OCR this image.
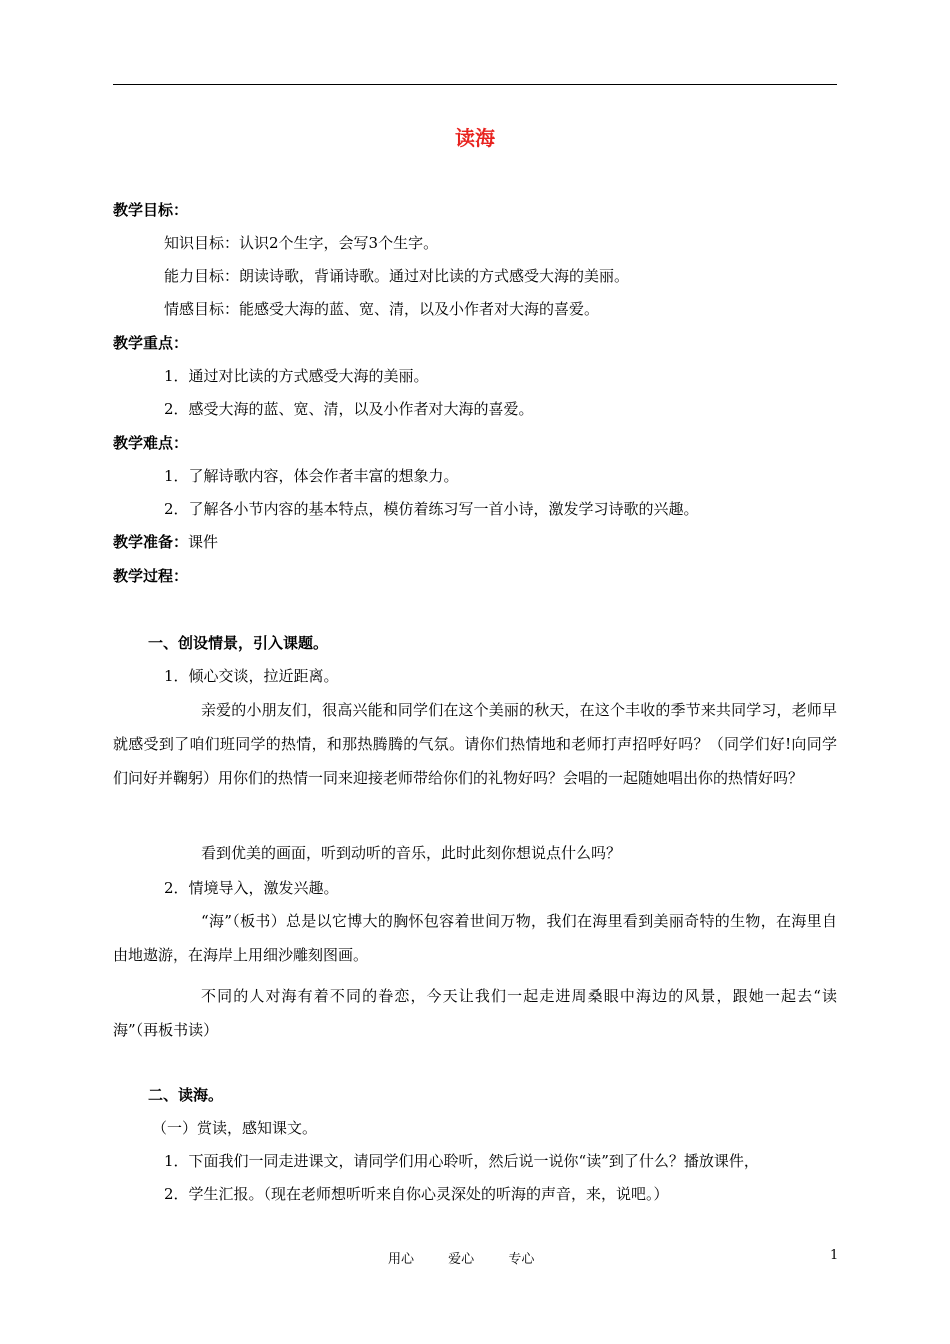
读海
教学目标：
知识目标：认识2个生字，会写3个生字。
能力目标：朗读诗歌，背诵诗歌。通过对比读的方式感受大海的美丽。
情感目标：能感受大海的蓝、宽、清，以及小作者对大海的喜爱。
教学重点：
1．通过对比读的方式感受大海的美丽。
2．感受大海的蓝、宽、清，以及小作者对大海的喜爱。
教学难点：
1．了解诗歌内容，体会作者丰富的想象力。
2．了解各小节内容的基本特点，模仿着练习写一首小诗，激发学习诗歌的兴趣。
教学准备：课件
教学过程：
一、创设情景，引入课题。
1．倾心交谈，拉近距离。
亲爱的小朋友们，很高兴能和同学们在这个美丽的秋天，在这个丰收的季节来共同学习，老师早就感受到了咱们班同学的热情，和那热腾腾的气氛。请你们热情地和老师打声招呼好吗？（同学们好!向同学们问好并鞠躬）用你们的热情一同来迎接老师带给你们的礼物好吗？会唱的一起随她唱出你的热情好吗？
看到优美的画面，听到动听的音乐，此时此刻你想说点什么吗？
2．情境导入，激发兴趣。
“海”（板书）总是以它博大的胸怀包容着世间万物，我们在海里看到美丽奇特的生物，在海里自由地遨游，在海岸上用细沙雕刻图画。
不同的人对海有着不同的眷恋，今天让我们一起走进周桑眼中海边的风景，跟她一起去“读海”（再板书读）
二、读海。
（一）赏读，感知课文。
1．下面我们一同走进课文，请同学们用心聆听，然后说一说你“读”到了什么？播放课件，
2．学生汇报。（现在老师想听听来自你心灵深处的听海的声音，来，说吧。）
用心	爱心	专心	1
